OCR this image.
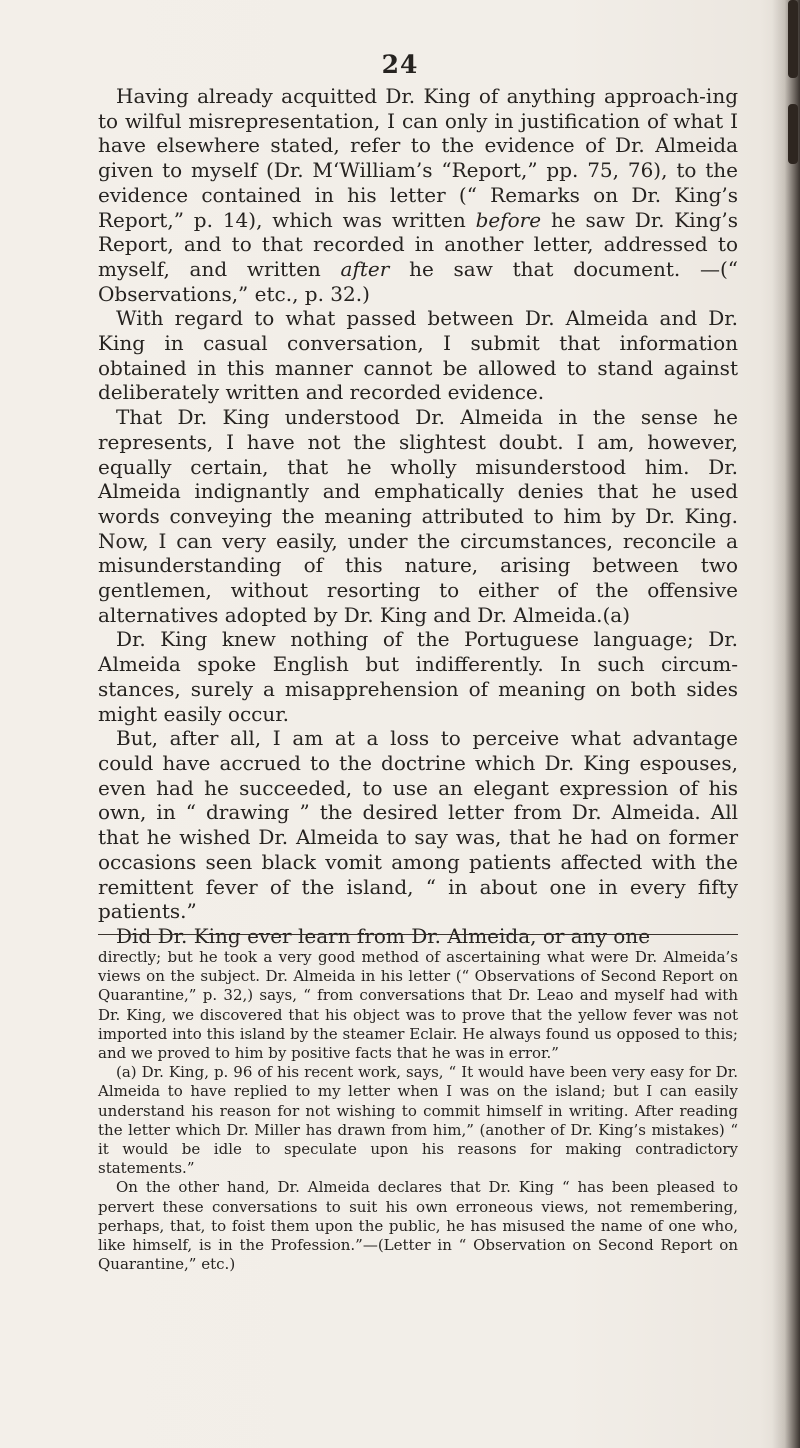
24

Having already acquitted Dr. King of anything approach-ing to wilful misrepresentation, I can only in justification of what I have elsewhere stated, refer to the evidence of Dr. Almeida given to myself (Dr. M‘William’s “Report,” pp. 75, 76), to the evidence contained in his letter (“ Remarks on Dr. King’s Report,” p. 14), which was written before he saw Dr. King’s Report, and to that recorded in another letter, addressed to myself, and written after he saw that document. —(“ Observations,” etc., p. 32.)

With regard to what passed between Dr. Almeida and Dr. King in casual conversation, I submit that information obtained in this manner cannot be allowed to stand against deliberately written and recorded evidence.

That Dr. King understood Dr. Almeida in the sense he represents, I have not the slightest doubt. I am, however, equally certain, that he wholly misunderstood him. Dr. Almeida indignantly and emphatically denies that he used words conveying the meaning attributed to him by Dr. King. Now, I can very easily, under the circumstances, reconcile a misunderstanding of this nature, arising between two gentlemen, without resorting to either of the offensive alternatives adopted by Dr. King and Dr. Almeida.(a)

Dr. King knew nothing of the Portuguese language; Dr. Almeida spoke English but indifferently. In such circum-stances, surely a misapprehension of meaning on both sides might easily occur.

But, after all, I am at a loss to perceive what advantage could have accrued to the doctrine which Dr. King espouses, even had he succeeded, to use an elegant expression of his own, in “ drawing ” the desired letter from Dr. Almeida. All that he wished Dr. Almeida to say was, that he had on former occasions seen black vomit among patients affected with the remittent fever of the island, “ in about one in every fifty patients.”

Did Dr. King ever learn from Dr. Almeida, or any one

directly; but he took a very good method of ascertaining what were Dr. Almeida’s views on the subject. Dr. Almeida in his letter (“ Observations of Second Report on Quarantine,” p. 32,) says, “ from conversations that Dr. Leao and myself had with Dr. King, we discovered that his object was to prove that the yellow fever was not imported into this island by the steamer Eclair. He always found us opposed to this; and we proved to him by positive facts that he was in error.”

(a) Dr. King, p. 96 of his recent work, says, “ It would have been very easy for Dr. Almeida to have replied to my letter when I was on the island; but I can easily understand his reason for not wishing to commit himself in writing. After reading the letter which Dr. Miller has drawn from him,” (another of Dr. King’s mistakes) “ it would be idle to speculate upon his reasons for making contradictory statements.”

On the other hand, Dr. Almeida declares that Dr. King “ has been pleased to pervert these conversations to suit his own erroneous views, not remembering, perhaps, that, to foist them upon the public, he has misused the name of one who, like himself, is in the Profession.”—(Letter in “ Observation on Second Report on Quarantine,” etc.)
